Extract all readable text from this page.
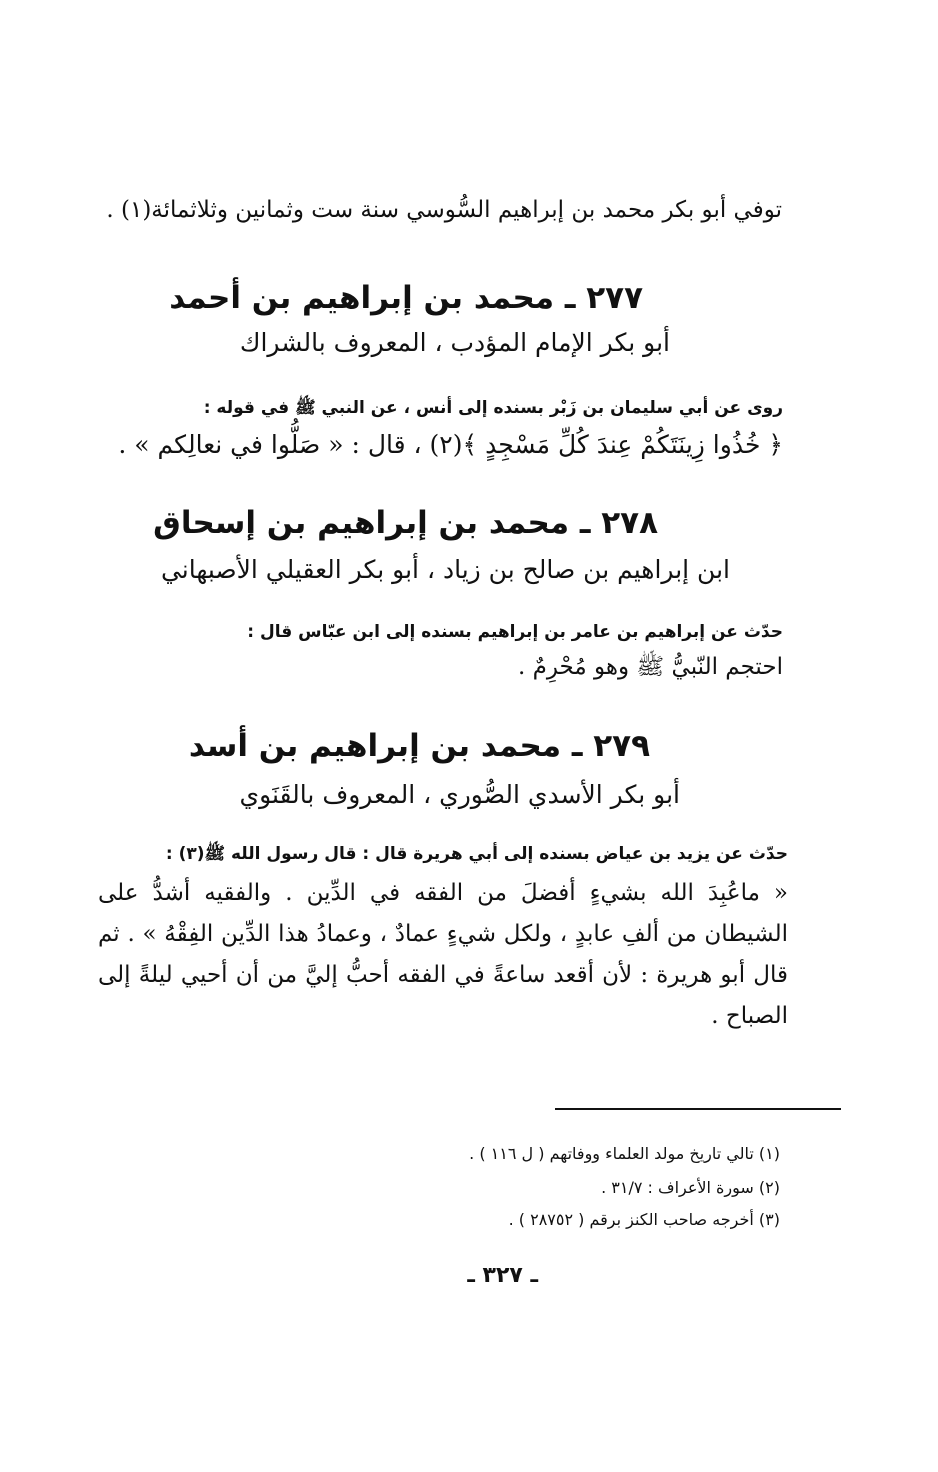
توفي أبو بكر محمد بن إبراهيم السُّوسي سنة ست وثمانين وثلاثمائة(١) .
٢٧٧ ـ محمد بن إبراهيم بن أحمد
أبو بكر الإمام المؤدب ، المعروف بالشراك
روى عن أبي سليمان بن زَبْر بسنده إلى أنس ، عن النبي ﷺ في قوله :
﴿ خُذُوا زِينَتَكُمْ عِندَ كُلِّ مَسْجِدٍ ﴾(٢) ، قال : « صَلُّوا في نعالِكم » .
٢٧٨ ـ محمد بن إبراهيم بن إسحاق
ابن إبراهيم بن صالح بن زياد ، أبو بكر العقيلي الأصبهاني
حدّث عن إبراهيم بن عامر بن إبراهيم بسنده إلى ابن عبّاس قال :
احتجم النّبيُّ ﷺ وهو مُحْرِمٌ .
٢٧٩ ـ محمد بن إبراهيم بن أسد
أبو بكر الأسدي الصُّوري ، المعروف بالقَنَوي
حدّث عن يزيد بن عياض بسنده إلى أبي هريرة قال : قال رسول الله ﷺ(٣) :
« ماعُبِدَ الله بشيءٍ أفضلَ من الفقه في الدِّين . والفقيه أشدُّ على الشيطان من ألفِ عابدٍ ، ولكل شيءٍ عمادٌ ، وعمادُ هذا الدِّين الفِقْهُ » . ثم قال أبو هريرة : لأن أقعد ساعةً في الفقه أحبُّ إليَّ من أن أحيي ليلةً إلى الصباح .
(١) تالي تاريخ مولد العلماء ووفاتهم ( ل ١١٦ ) .
(٢) سورة الأعراف : ٣١/٧ .
(٣) أخرجه صاحب الكنز برقم ( ٢٨٧٥٢ ) .
ـ ٣٢٧ ـ
